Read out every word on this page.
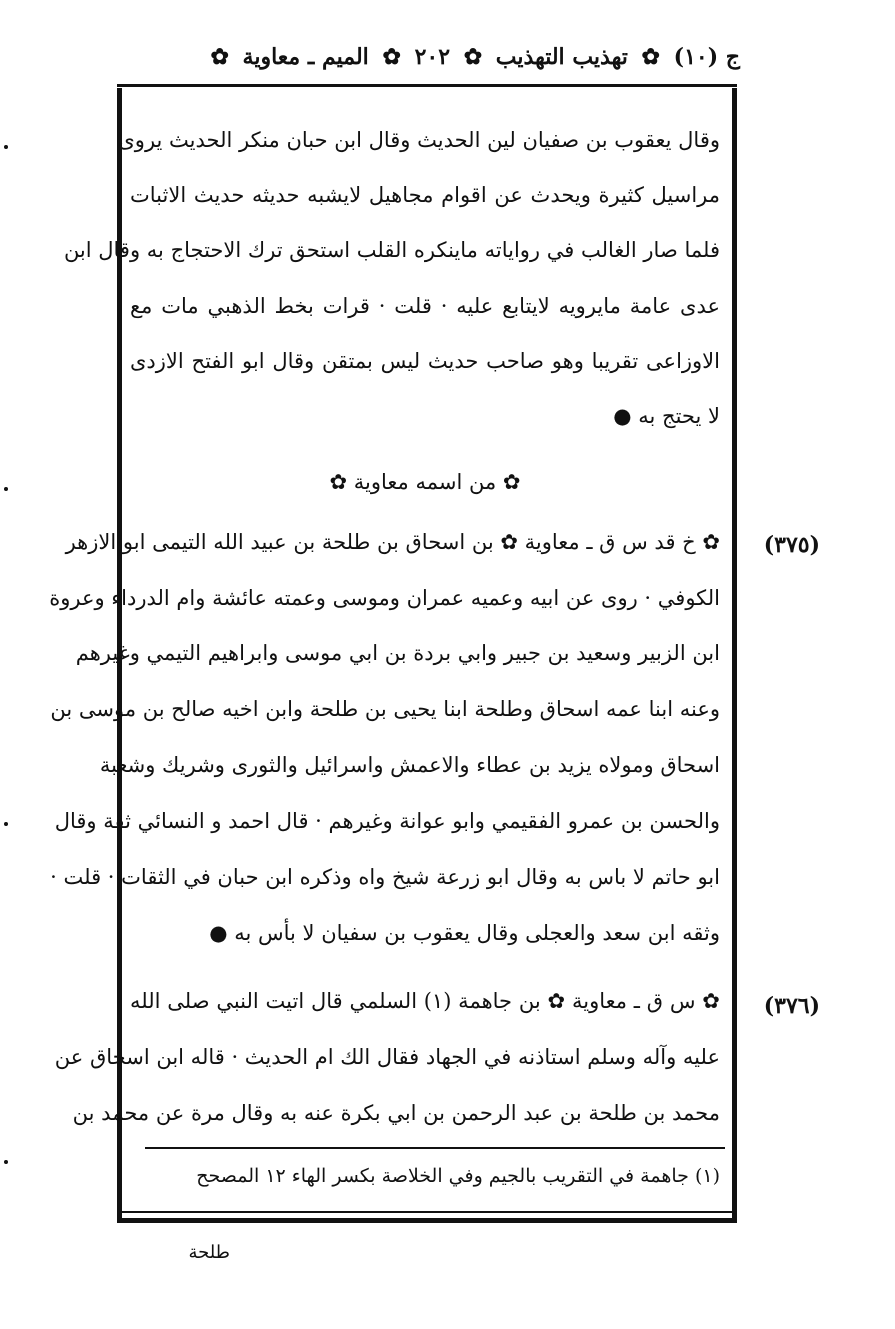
ج (١٠) ✿ تهذيب التهذيب ✿ ٢٠٢ ✿ الميم ـ معاوية ✿
وقال يعقوب بن صفيان لين الحديث وقال ابن حبان منكر الحديث يروى
مراسيل كثيرة ويحدث عن اقوام مجاهيل لايشبه حديثه حديث الاثبات
فلما صار الغالب في رواياته ماينكره القلب استحق ترك الاحتجاج به وقال ابن
عدى عامة مايرويه لايتابع عليه · قلت · قرات بخط الذهبي مات مع
الاوزاعى تقريبا وهو صاحب حديث ليس بمتقن وقال ابو الفتح الازدى
لا يحتج به ●
✿ من اسمه معاوية ✿
(٣٧٥)
✿ خ قد س ق ـ معاوية ✿ بن اسحاق بن طلحة بن عبيد الله التيمى ابو الازهر
الكوفي · روى عن ابيه وعميه عمران وموسى وعمته عائشة وام الدرداء وعروة
ابن الزبير وسعيد بن جبير وابي بردة بن ابي موسى وابراهيم التيمي وغيرهم
وعنه ابنا عمه اسحاق وطلحة ابنا يحيى بن طلحة وابن اخيه صالح بن موسى بن
اسحاق ومولاه يزيد بن عطاء والاعمش واسرائيل والثورى وشريك وشعبة
والحسن بن عمرو الفقيمي وابو عوانة وغيرهم · قال احمد و النسائي ثقة وقال
ابو حاتم لا باس به وقال ابو زرعة شيخ واه وذكره ابن حبان في الثقات · قلت ·
وثقه ابن سعد والعجلى وقال يعقوب بن سفيان لا بأس به ●
(٣٧٦)
✿ س ق ـ معاوية ✿ بن جاهمة (١) السلمي قال اتيت النبي صلى الله
عليه وآله وسلم استاذنه في الجهاد فقال الك ام الحديث · قاله ابن اسحاق عن
محمد بن طلحة بن عبد الرحمن بن ابي بكرة عنه به وقال مرة عن محمد بن
(١) جاهمة في التقريب بالجيم وفي الخلاصة بكسر الهاء ١٢ المصحح
طلحة
